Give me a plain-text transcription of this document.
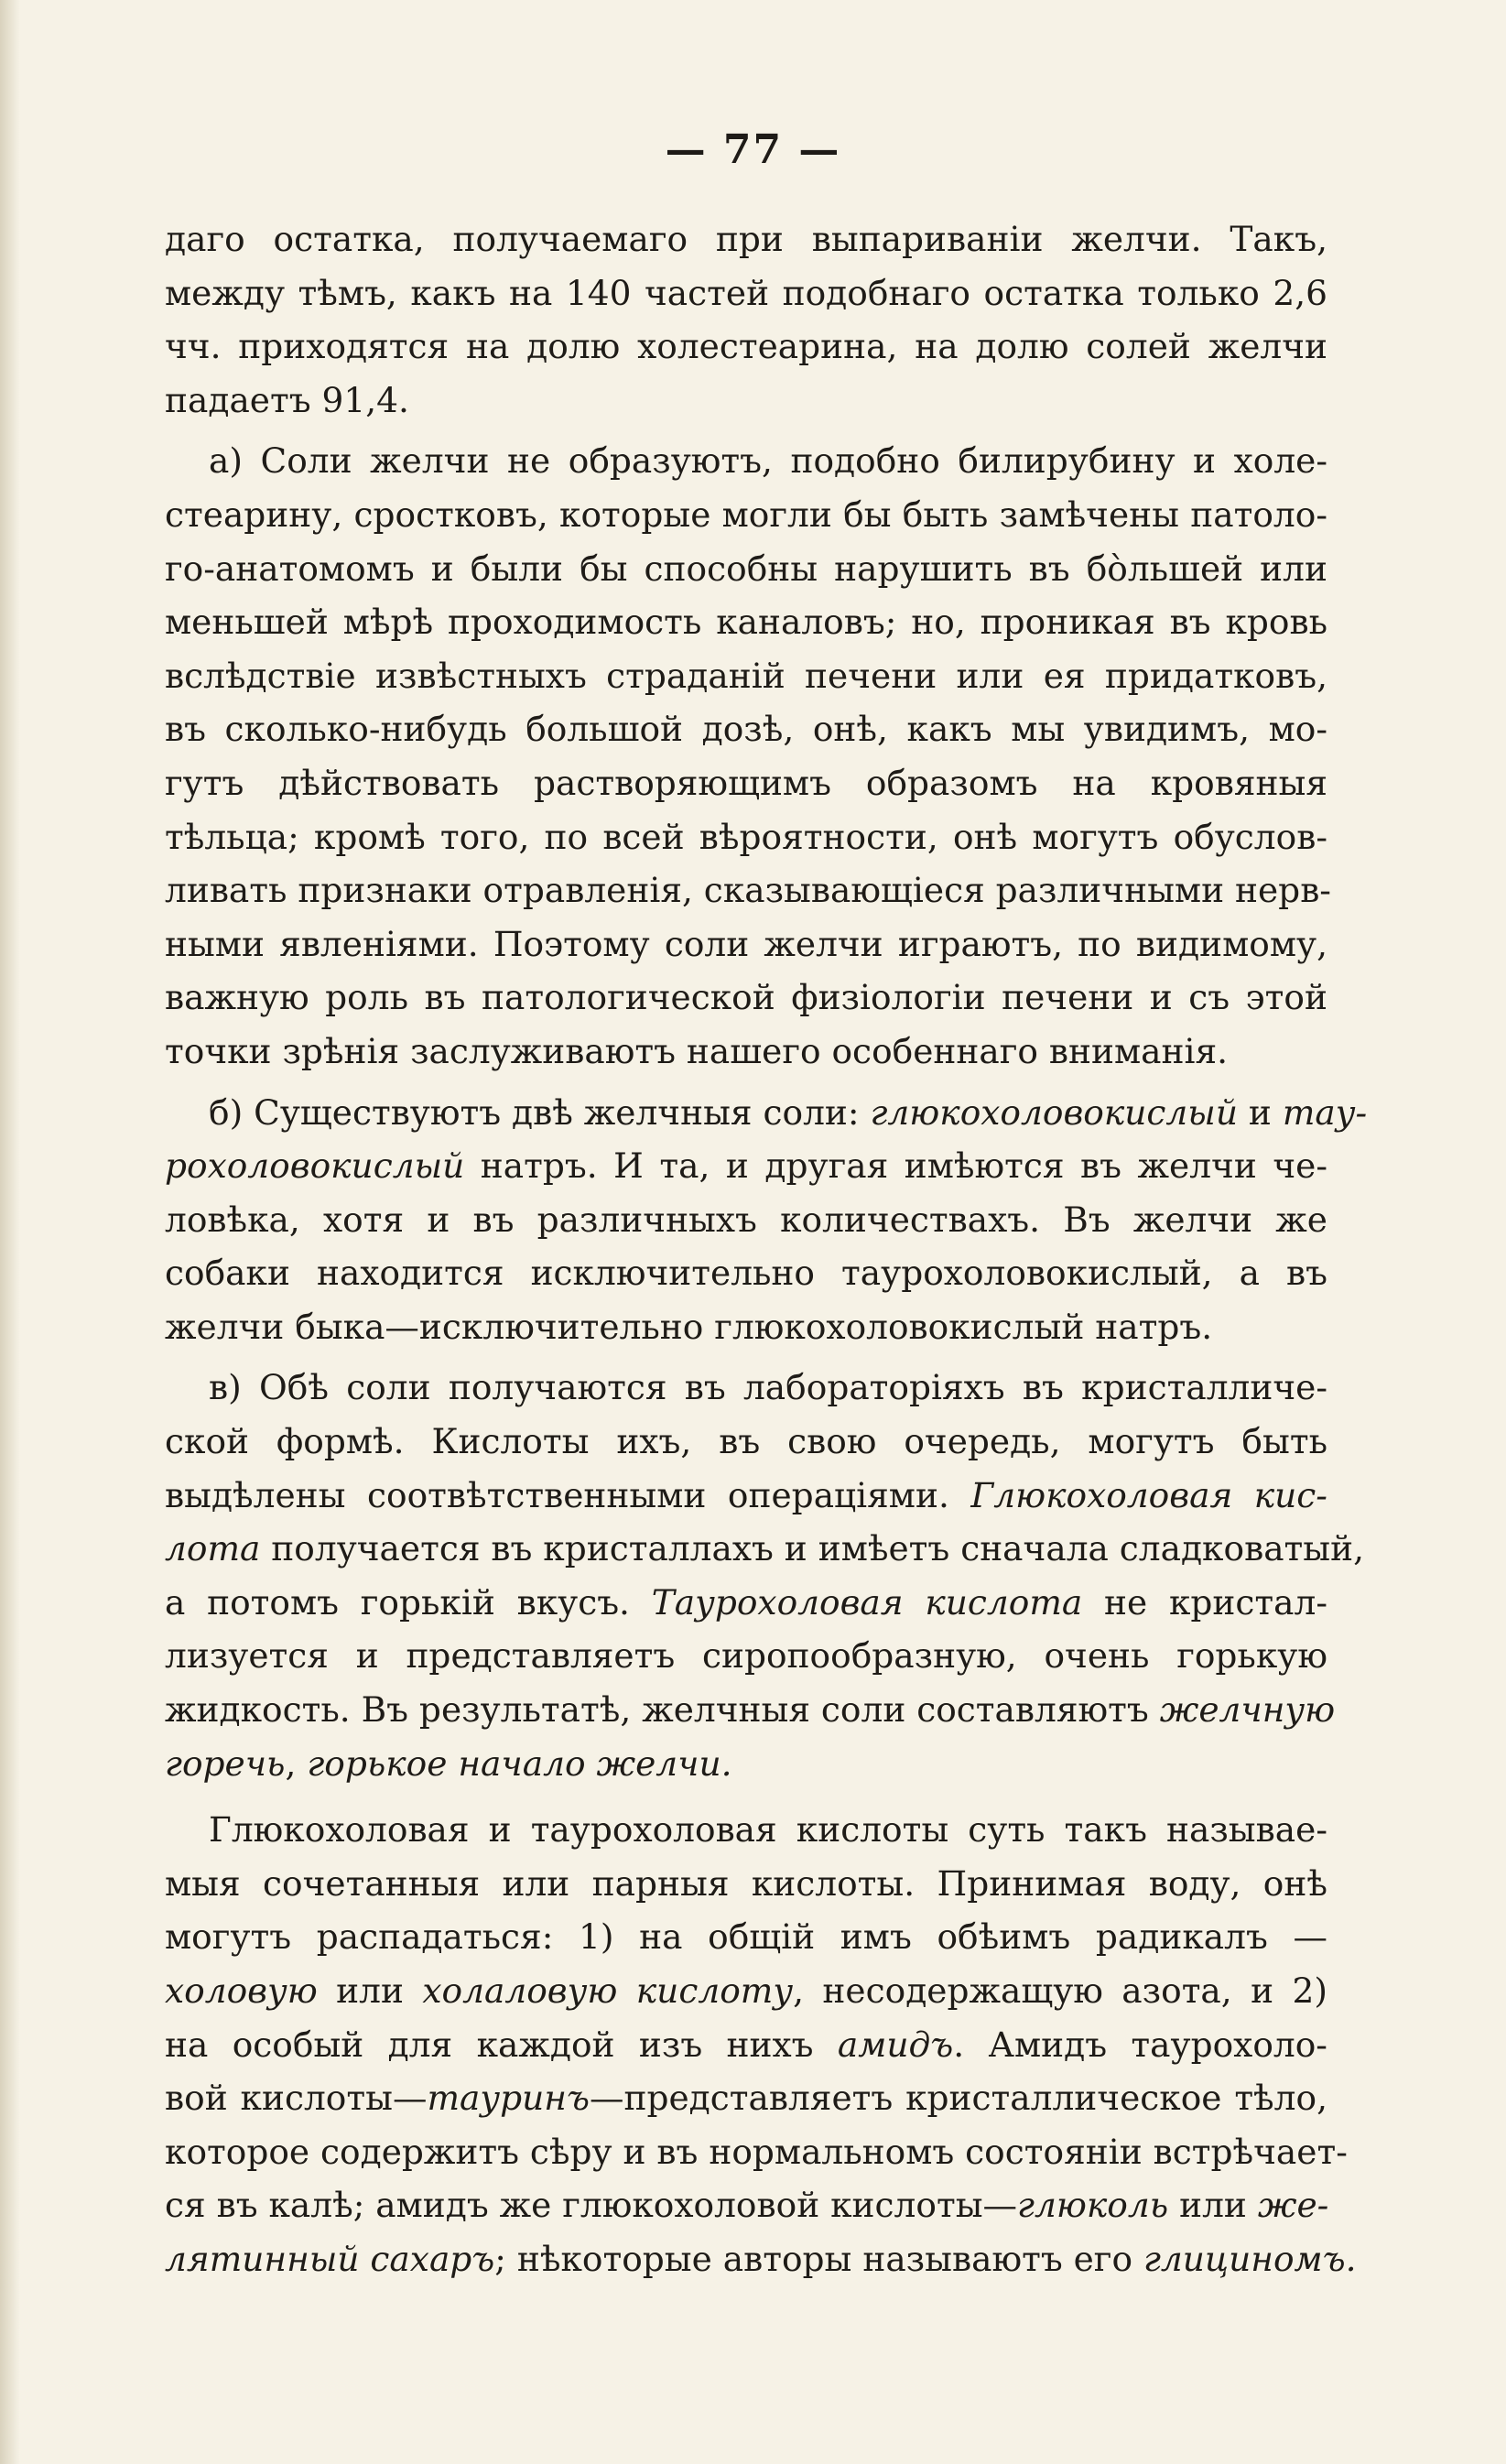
— 77 —
дагo остатка, получаемаго при выпариванiи желчи. Такъ,
между тѣмъ, какъ на 140 частей подобнаго остатка только 2,6
чч. приходятся на долю холестеарина, на долю солей желчи
падаетъ 91,4.
а) Соли желчи не образуютъ, подобно билирубину и холе-
стеарину, сростковъ, которые могли бы быть замѣчены патоло-
го-анатомомъ и были бы способны нарушить въ бо̀льшей или
меньшей мѣрѣ проходимость каналовъ; но, проникая въ кровь
вслѣдствiе извѣстныхъ страданiй печени или ея придатковъ,
въ сколько-нибудь большой дозѣ, онѣ, какъ мы увидимъ, мо-
гутъ дѣйствовать растворяющимъ образомъ на кровяныя
тѣльца; кромѣ того, по всей вѣроятности, онѣ могутъ обуслов-
ливать признаки отравленiя, сказывающiеся различными нерв-
ными явленiями. Поэтому соли желчи играютъ, по видимому,
важную роль въ патологической физiологiи печени и съ этой
точки зрѣнiя заслуживаютъ нашего особеннаго вниманiя.
б) Существуютъ двѣ желчныя соли: глюкохоловокислый и тау-
рохоловокислый натръ. И та, и другая имѣются въ желчи че-
ловѣка, хотя и въ различныхъ количествахъ. Въ желчи же
собаки находится исключительно таурохоловокислый, а въ
желчи быка—исключительно глюкохоловокислый натръ.
в) Обѣ соли получаются въ лабораторiяхъ въ кристалличе-
ской формѣ. Кислоты ихъ, въ свою очередь, могутъ быть
выдѣлены соотвѣтственными операцiями. Глюкохоловая кис-
лота получается въ кристаллахъ и имѣетъ сначала сладковатый,
а потомъ горькiй вкусъ. Таурохоловая кислота не кристал-
лизуется и представляетъ сиропообразную, очень горькую
жидкость. Въ результатѣ, желчныя соли составляютъ желчную
горечь, горькое начало желчи.
Глюкохоловая и таурохоловая кислоты суть такъ называе-
мыя сочетанныя или парныя кислоты. Принимая воду, онѣ
могутъ распадаться: 1) на общiй имъ обѣимъ радикалъ —
холовую или холаловую кислоту, несодержащую азота, и 2)
на особый для каждой изъ нихъ амидъ. Амидъ таурохоло-
вой кислоты—тауринъ—представляетъ кристаллическое тѣло,
которое содержитъ сѣру и въ нормальномъ состоянiи встрѣчает-
ся въ калѣ; амидъ же глюкохоловой кислоты—глюколь или же-
лятинный сахаръ; нѣкоторые авторы называютъ его глициномъ.
